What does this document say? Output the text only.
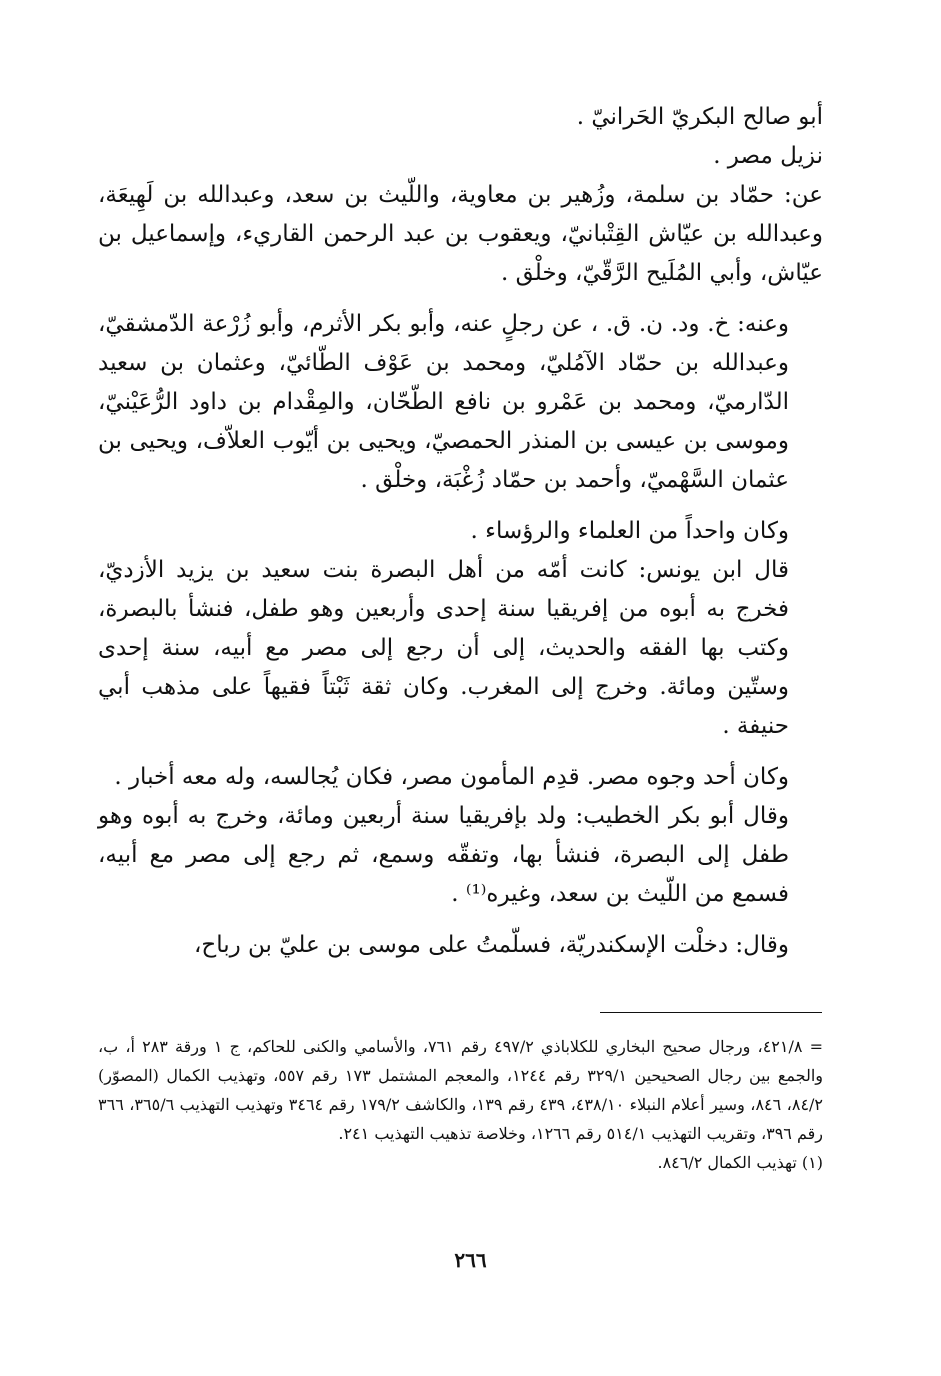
أبو صالح البكريّ الحَرانيّ .

نزيل مصر .

عن: حمّاد بن سلمة، وزُهير بن معاوية، واللّيث بن سعد، وعبدالله بن لَهِيعَة، وعبدالله بن عيّاش القِتْبانيّ، ويعقوب بن عبد الرحمن القاريء، وإسماعيل بن عيّاش، وأبي المُلَيح الرَّقّيّ، وخلْق .

وعنه: خ. ود. ن. ق. ، عن رجلٍ عنه، وأبو بكر الأثرم، وأبو زُرْعة الدّمشقيّ، وعبدالله بن حمّاد الآمُليّ، ومحمد بن عَوْف الطّائيّ، وعثمان بن سعيد الدّارميّ، ومحمد بن عَمْرو بن نافع الطّحّان، والمِقْدام بن داود الرُّعَيْنيّ، وموسى بن عيسى بن المنذر الحمصيّ، ويحيى بن أيّوب العلاّف، ويحيى بن عثمان السَّهْميّ، وأحمد بن حمّاد زُغْبَة، وخلْق .

وكان واحداً من العلماء والرؤساء .

قال ابن يونس: كانت أمّه من أهل البصرة بنت سعيد بن يزيد الأزديّ، فخرج به أبوه من إفريقيا سنة إحدى وأربعين وهو طفل، فنشأ بالبصرة، وكتب بها الفقه والحديث، إلى أن رجع إلى مصر مع أبيه، سنة إحدى وستّين ومائة. وخرج إلى المغرب. وكان ثقة ثَبْتاً فقيهاً على مذهب أبي حنيفة .

وكان أحد وجوه مصر. قدِم المأمون مصر، فكان يُجالسه، وله معه أخبار .

وقال أبو بكر الخطيب: ولد بإفريقيا سنة أربعين ومائة، وخرج به أبوه وهو طفل إلى البصرة، فنشأ بها، وتفقّه وسمع، ثم رجع إلى مصر مع أبيه، فسمع من اللّيث بن سعد، وغيره⁽¹⁾ .

وقال: دخلْت الإسكندريّة، فسلّمتُ على موسى بن عليّ بن رباح،

= ٤٢١/٨، ورجال صحيح البخاري للكلاباذي ٤٩٧/٢ رقم ٧٦١، والأسامي والكنى للحاكم، ج ١ ورقة ٢٨٣ أ، ب، والجمع بين رجال الصحيحين ٣٢٩/١ رقم ١٢٤٤، والمعجم المشتمل ١٧٣ رقم ٥٥٧، وتهذيب الكمال (المصوّر) ٨٤/٢، ٨٤٦، وسير أعلام النبلاء ٤٣٨/١٠، ٤٣٩ رقم ١٣٩، والكاشف ١٧٩/٢ رقم ٣٤٦٤ وتهذيب التهذيب ٣٦٥/٦، ٣٦٦ رقم ٣٩٦، وتقريب التهذيب ٥١٤/١ رقم ١٢٦٦، وخلاصة تذهيب التهذيب ٢٤١.

(١) تهذيب الكمال ٨٤٦/٢.

٢٦٦
